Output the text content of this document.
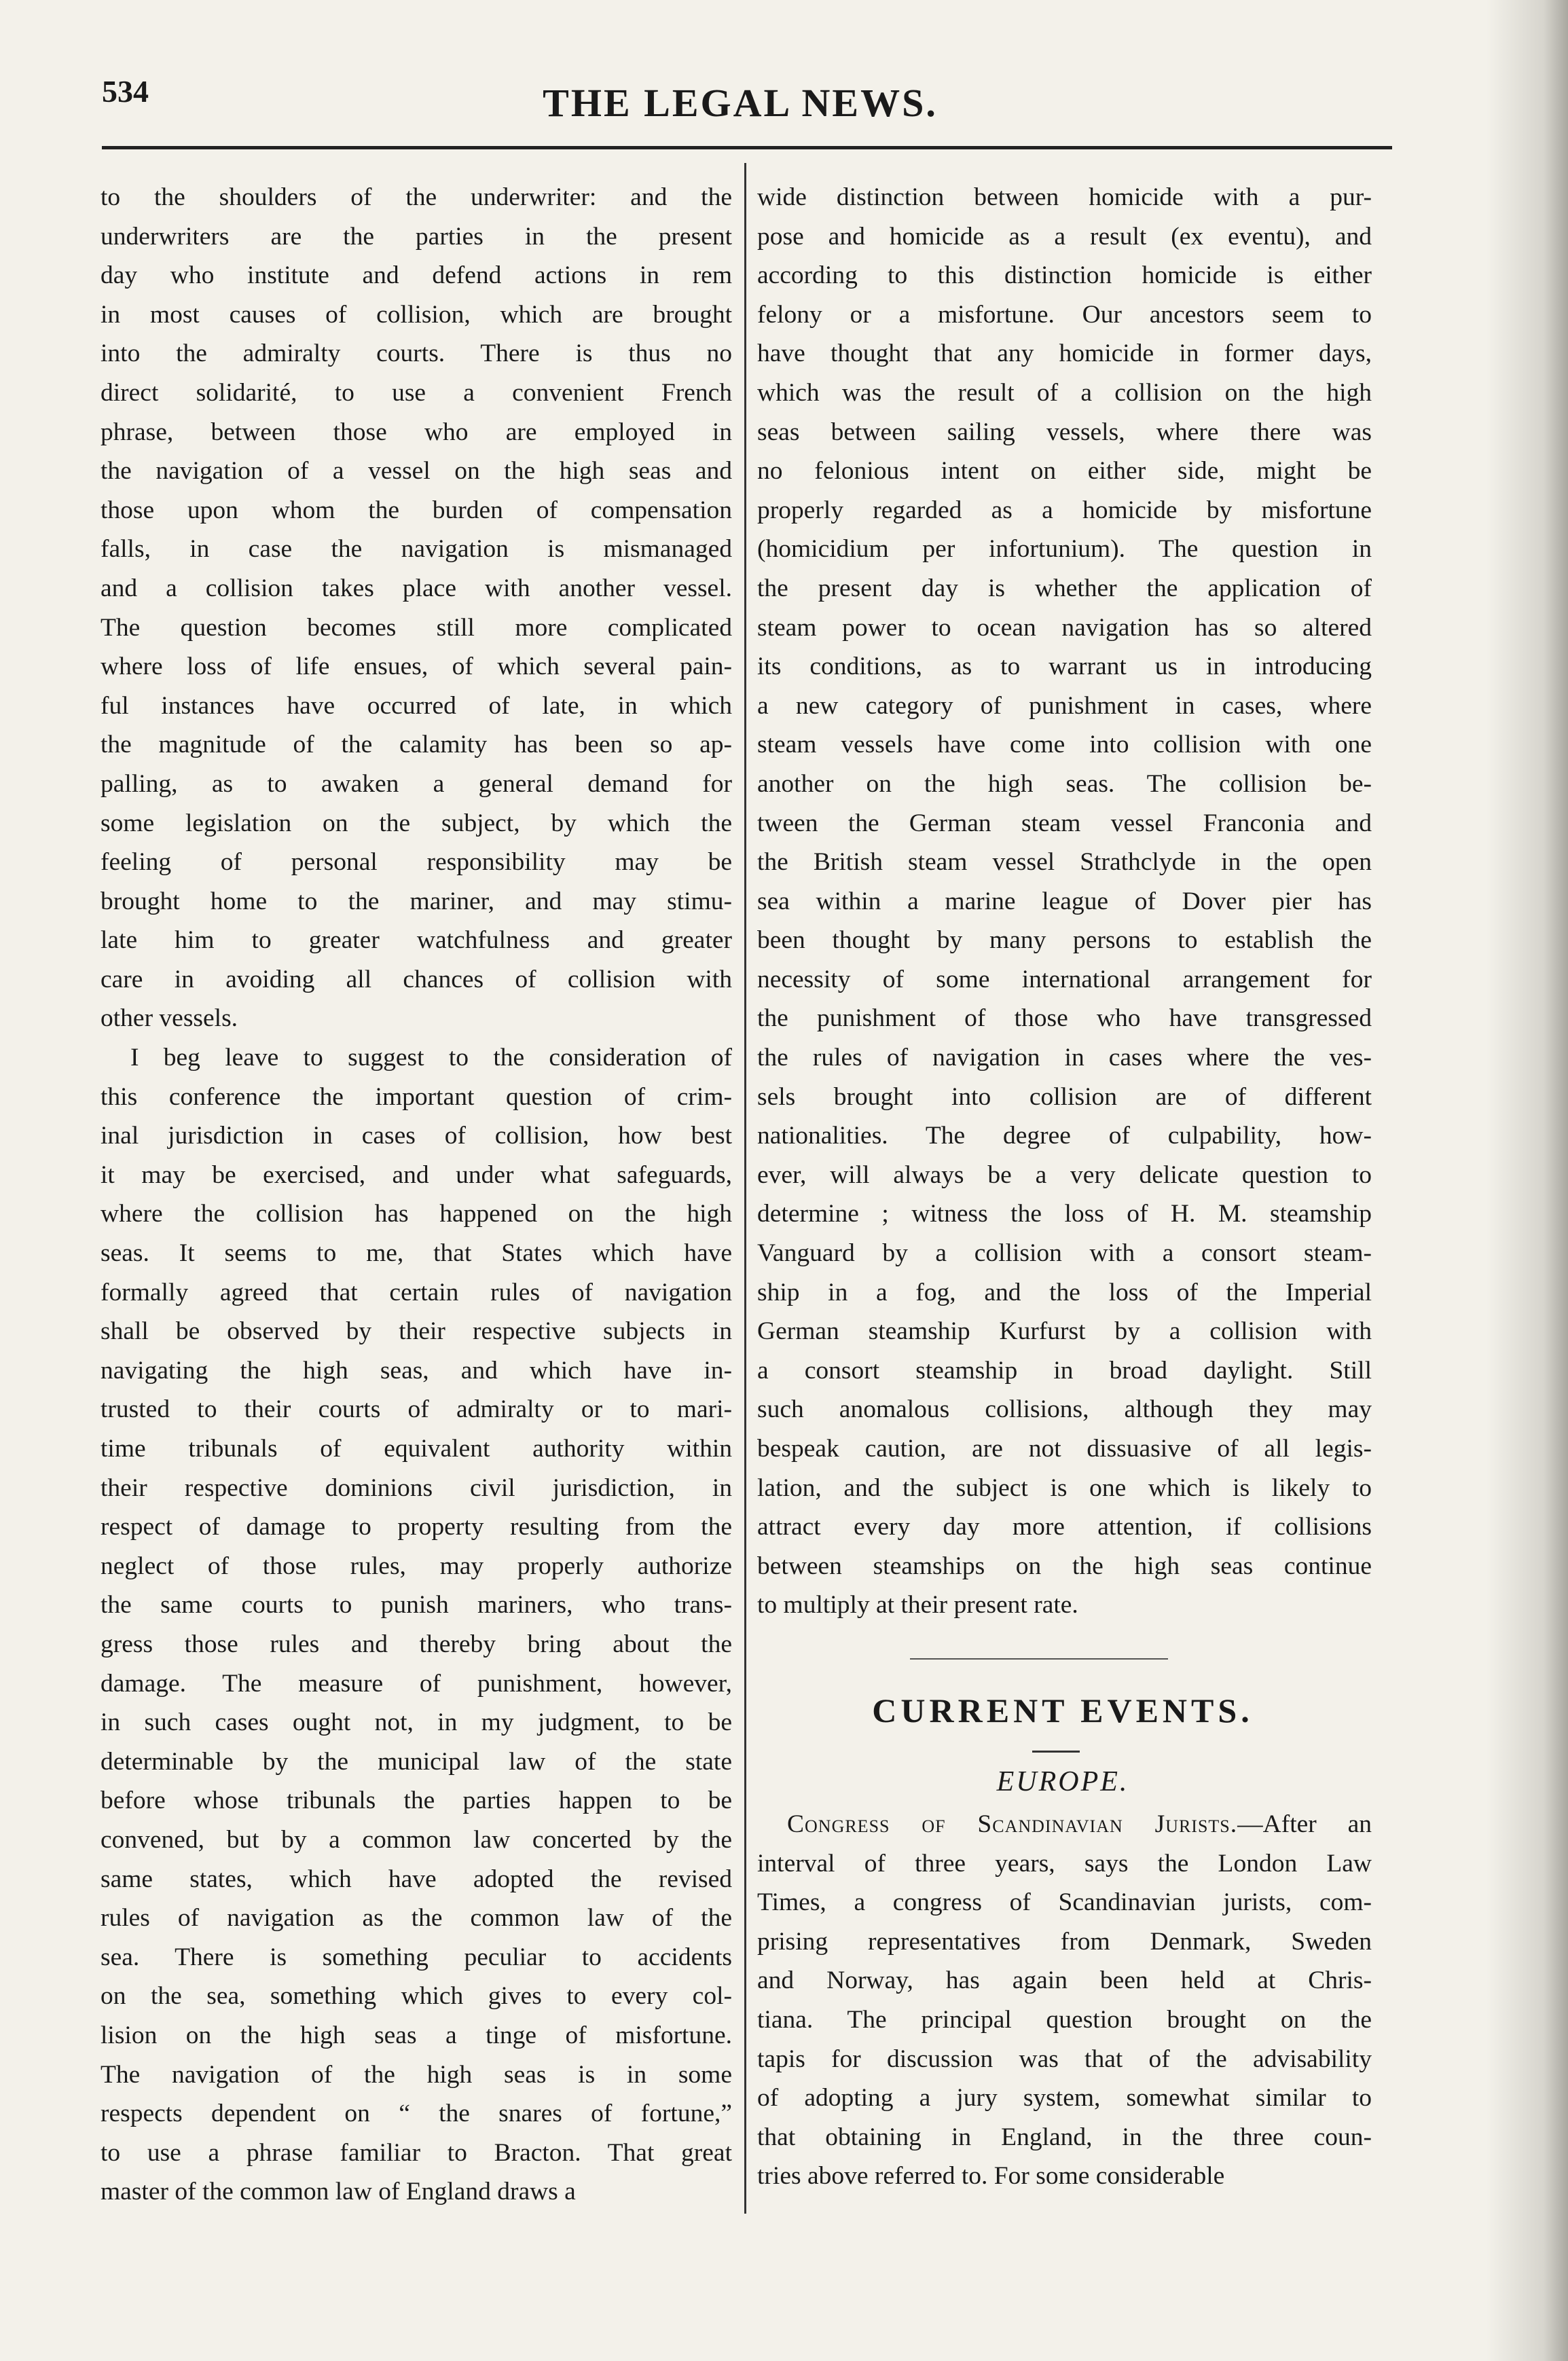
534	THE LEGAL NEWS.
to the shoulders of the underwriter: and the
underwriters are the parties in the present
day who institute and defend actions in rem
in most causes of collision, which are brought
into the admiralty courts. There is thus no
direct solidarité, to use a convenient French
phrase, between those who are employed in
the navigation of a vessel on the high seas and
those upon whom the burden of compensation
falls, in case the navigation is mismanaged
and a collision takes place with another vessel.
The question becomes still more complicated
where loss of life ensues, of which several pain-
ful instances have occurred of late, in which
the magnitude of the calamity has been so ap-
palling, as to awaken a general demand for
some legislation on the subject, by which the
feeling of personal responsibility may be
brought home to the mariner, and may stimu-
late him to greater watchfulness and greater
care in avoiding all chances of collision with
other vessels.
I beg leave to suggest to the consideration of
this conference the important question of crim-
inal jurisdiction in cases of collision, how best
it may be exercised, and under what safeguards,
where the collision has happened on the high
seas. It seems to me, that States which have
formally agreed that certain rules of navigation
shall be observed by their respective subjects in
navigating the high seas, and which have in-
trusted to their courts of admiralty or to mari-
time tribunals of equivalent authority within
their respective dominions civil jurisdiction, in
respect of damage to property resulting from the
neglect of those rules, may properly authorize
the same courts to punish mariners, who trans-
gress those rules and thereby bring about the
damage. The measure of punishment, however,
in such cases ought not, in my judgment, to be
determinable by the municipal law of the state
before whose tribunals the parties happen to be
convened, but by a common law concerted by the
same states, which have adopted the revised
rules of navigation as the common law of the
sea. There is something peculiar to accidents
on the sea, something which gives to every col-
lision on the high seas a tinge of misfortune.
The navigation of the high seas is in some
respects dependent on “ the snares of fortune,”
to use a phrase familiar to Bracton. That great
master of the common law of England draws a
wide distinction between homicide with a pur-
pose and homicide as a result (ex eventu), and
according to this distinction homicide is either
felony or a misfortune. Our ancestors seem to
have thought that any homicide in former days,
which was the result of a collision on the high
seas between sailing vessels, where there was
no felonious intent on either side, might be
properly regarded as a homicide by misfortune
(homicidium per infortunium). The question in
the present day is whether the application of
steam power to ocean navigation has so altered
its conditions, as to warrant us in introducing
a new category of punishment in cases, where
steam vessels have come into collision with one
another on the high seas. The collision be-
tween the German steam vessel Franconia and
the British steam vessel Strathclyde in the open
sea within a marine league of Dover pier has
been thought by many persons to establish the
necessity of some international arrangement for
the punishment of those who have transgressed
the rules of navigation in cases where the ves-
sels brought into collision are of different
nationalities. The degree of culpability, how-
ever, will always be a very delicate question to
determine ; witness the loss of H. M. steamship
Vanguard by a collision with a consort steam-
ship in a fog, and the loss of the Imperial
German steamship Kurfurst by a collision with
a consort steamship in broad daylight. Still
such anomalous collisions, although they may
bespeak caution, are not dissuasive of all legis-
lation, and the subject is one which is likely to
attract every day more attention, if collisions
between steamships on the high seas continue
to multiply at their present rate.
CURRENT EVENTS.
EUROPE.
Congress of Scandinavian Jurists.—After an
interval of three years, says the London Law
Times, a congress of Scandinavian jurists, com-
prising representatives from Denmark, Sweden
and Norway, has again been held at Chris-
tiana. The principal question brought on the
tapis for discussion was that of the advisability
of adopting a jury system, somewhat similar to
that obtaining in England, in the three coun-
tries above referred to. For some considerable
